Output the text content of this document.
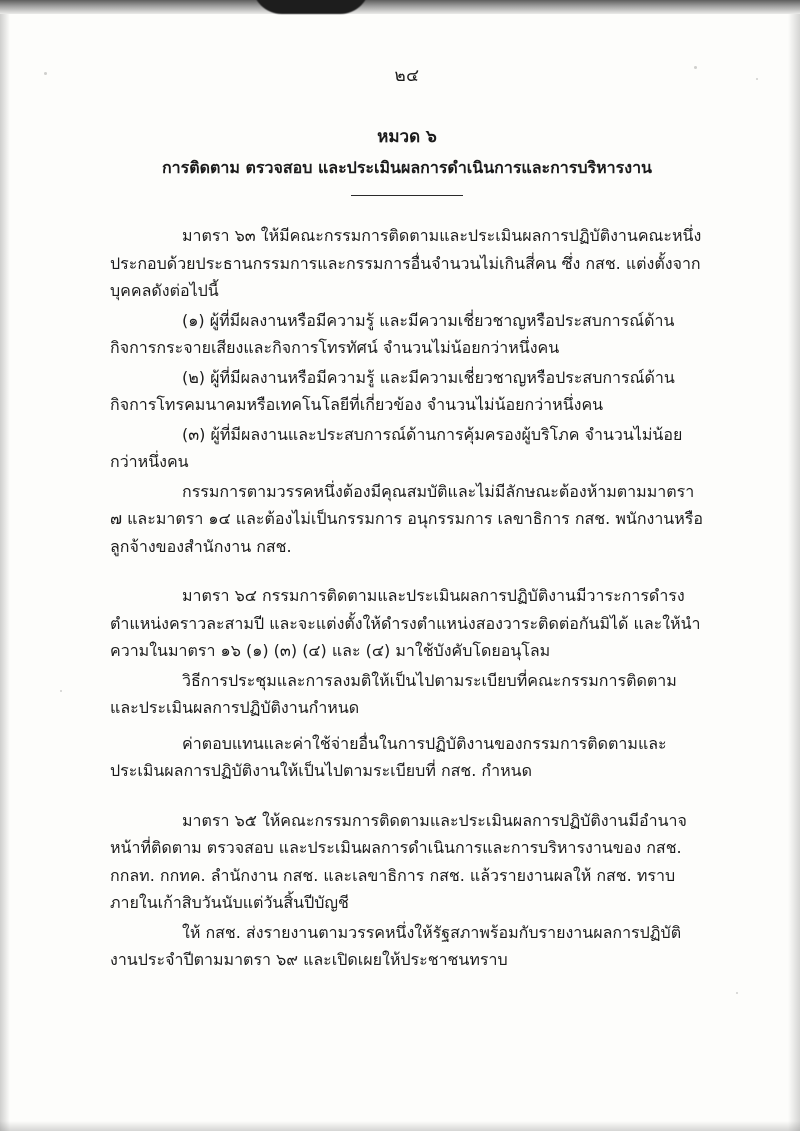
๒๔
หมวด ๖
การติดตาม ตรวจสอบ และประเมินผลการดำเนินการและการบริหารงาน

มาตรา ๖๓ ให้มีคณะกรรมการติดตามและประเมินผลการปฏิบัติงานคณะหนึ่ง ประกอบด้วยประธานกรรมการและกรรมการอื่นจำนวนไม่เกินสี่คน ซึ่ง กสช. แต่งตั้งจากบุคคลดังต่อไปนี้

(๑) ผู้ที่มีผลงานหรือมีความรู้ และมีความเชี่ยวชาญหรือประสบการณ์ด้านกิจการกระจายเสียงและกิจการโทรทัศน์ จำนวนไม่น้อยกว่าหนึ่งคน

(๒) ผู้ที่มีผลงานหรือมีความรู้ และมีความเชี่ยวชาญหรือประสบการณ์ด้านกิจการโทรคมนาคมหรือเทคโนโลยีที่เกี่ยวข้อง จำนวนไม่น้อยกว่าหนึ่งคน

(๓) ผู้ที่มีผลงานและประสบการณ์ด้านการคุ้มครองผู้บริโภค จำนวนไม่น้อยกว่าหนึ่งคน

กรรมการตามวรรคหนึ่งต้องมีคุณสมบัติและไม่มีลักษณะต้องห้ามตามมาตรา ๗ และมาตรา ๑๔ และต้องไม่เป็นกรรมการ อนุกรรมการ เลขาธิการ กสช. พนักงานหรือลูกจ้างของสำนักงาน กสช.

มาตรา ๖๔ กรรมการติดตามและประเมินผลการปฏิบัติงานมีวาระการดำรงตำแหน่งคราวละสามปี และจะแต่งตั้งให้ดำรงตำแหน่งสองวาระติดต่อกันมิได้ และให้นำความในมาตรา ๑๖ (๑) (๓) (๔) และ (๔) มาใช้บังคับโดยอนุโลม

วิธีการประชุมและการลงมติให้เป็นไปตามระเบียบที่คณะกรรมการติดตามและประเมินผลการปฏิบัติงานกำหนด

ค่าตอบแทนและค่าใช้จ่ายอื่นในการปฏิบัติงานของกรรมการติดตามและประเมินผลการปฏิบัติงานให้เป็นไปตามระเบียบที่ กสช. กำหนด

มาตรา ๖๕ ให้คณะกรรมการติดตามและประเมินผลการปฏิบัติงานมีอำนาจหน้าที่ติดตาม ตรวจสอบ และประเมินผลการดำเนินการและการบริหารงานของ กสช. กกลท. กกทค. ลำนักงาน กสช. และเลขาธิการ กสช. แล้วรายงานผลให้ กสช. ทราบภายในเก้าสิบวันนับแต่วันสิ้นปีบัญชี

ให้ กสช. ส่งรายงานตามวรรคหนึ่งให้รัฐสภาพร้อมกับรายงานผลการปฏิบัติงานประจำปีตามมาตรา ๖๙ และเปิดเผยให้ประชาชนทราบ
